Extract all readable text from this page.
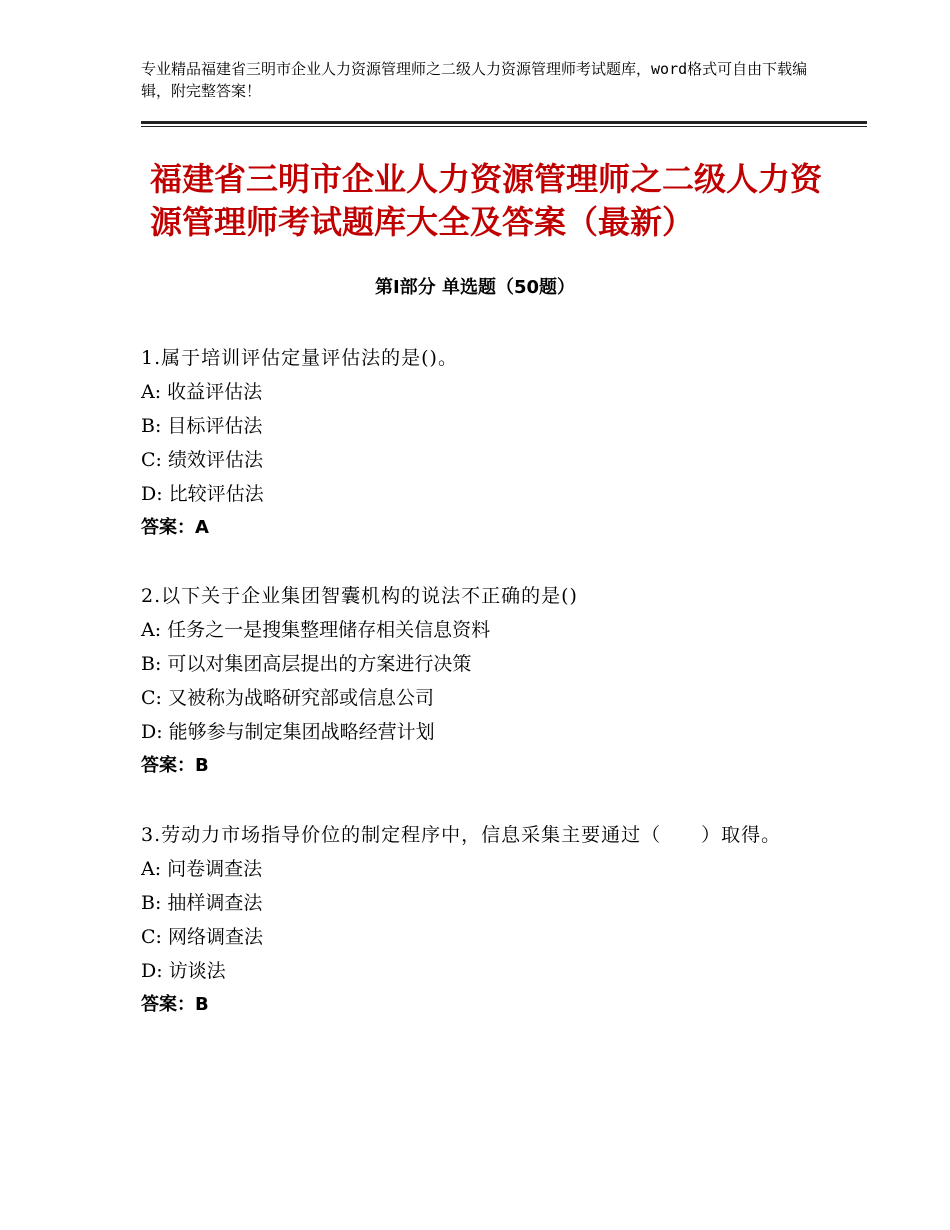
专业精品福建省三明市企业人力资源管理师之二级人力资源管理师考试题库，word格式可自由下载编辑，附完整答案！
福建省三明市企业人力资源管理师之二级人力资源管理师考试题库大全及答案（最新）
第Ⅰ部分 单选题（50题）

1.属于培训评估定量评估法的是()。

A: 收益评估法

B: 目标评估法

C: 绩效评估法

D: 比较评估法

答案：A

2.以下关于企业集团智囊机构的说法不正确的是()

A: 任务之一是搜集整理储存相关信息资料

B: 可以对集团高层提出的方案进行决策

C: 又被称为战略研究部或信息公司

D: 能够参与制定集团战略经营计划

答案：B

3.劳动力市场指导价位的制定程序中，信息采集主要通过（　　）取得。

A: 问卷调查法

B: 抽样调查法

C: 网络调查法

D: 访谈法

答案：B
